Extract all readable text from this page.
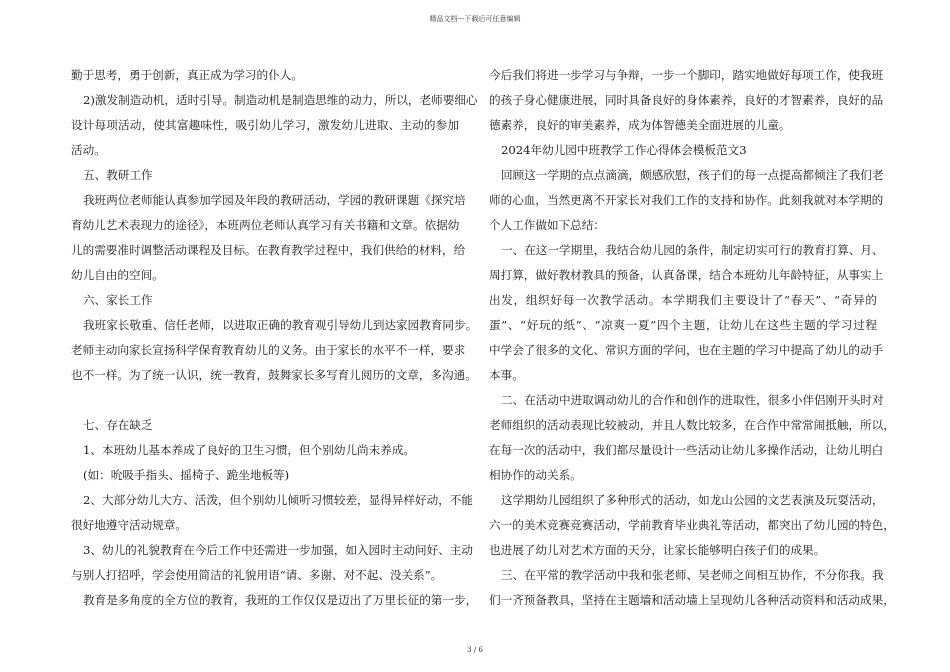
精品文档---下载后可任意编辑
勤于思考，勇于创新，真正成为学习的仆人。
2)激发制造动机，适时引导。制造动机是制造思维的动力，所以，老师要细心
设计每项活动，使其富趣味性，吸引幼儿学习，激发幼儿进取、主动的参加
活动。
五、教研工作
我班两位老师能认真参加学园及年段的教研活动，学园的教研课题《探究培
育幼儿艺术表现力的途径》，本班两位老师认真学习有关书籍和文章。依据幼
儿的需要准时调整活动课程及目标。在教育教学过程中，我们供给的材料，给
幼儿自由的空间。
六、家长工作
我班家长敬重、信任老师，以进取正确的教育观引导幼儿到达家园教育同步。
老师主动向家长宣扬科学保育教育幼儿的义务。由于家长的水平不一样，要求
也不一样。为了统一认识，统一教育，鼓舞家长多写育儿阅历的文章，多沟通。
七、存在缺乏
1、本班幼儿基本养成了良好的卫生习惯，但个别幼儿尚未养成。
(如：吮吸手指头、摇椅子、跪坐地板等)
2、大部分幼儿大方、活泼，但个别幼儿倾听习惯较差，显得异样好动，不能
很好地遵守活动规章。
3、幼儿的礼貌教育在今后工作中还需进一步加强，如入园时主动问好、主动
与别人打招呼，学会使用简洁的礼貌用语“请、多谢、对不起、没关系”。
教育是多角度的全方位的教育，我班的工作仅仅是迈出了万里长征的第一步，
今后我们将进一步学习与争辩，一步一个脚印，踏实地做好每项工作，使我班
的孩子身心健康进展，同时具备良好的身体素养，良好的才智素养，良好的品
德素养，良好的审美素养，成为体智德美全面进展的儿童。
2024年幼儿园中班教学工作心得体会模板范文3
回顾这一学期的点点滴滴，颇感欣慰，孩子们的每一点提高都倾注了我们老
师的心血，当然更离不开家长对我们工作的支持和协作。此刻我就对本学期的
个人工作做如下总结：
一、在这一学期里，我结合幼儿园的条件，制定切实可行的教育打算、月、
周打算，做好教材教具的预备，认真备课，结合本班幼儿年龄特征，从事实上
出发，组织好每一次教学活动。本学期我们主要设计了“春天”、“奇异的
蛋”、“好玩的纸”、“凉爽一夏”四个主题，让幼儿在这些主题的学习过程
中学会了很多的文化、常识方面的学问，也在主题的学习中提高了幼儿的动手
本事。
二、在活动中进取调动幼儿的合作和创作的进取性，很多小伴侣刚开头时对
老师组织的活动表现比较被动，并且人数比较多，在合作中常常闹抵触，所以，
在每一次的活动中，我们都尽量设计一些活动让幼儿多操作活动，让幼儿明白
相协作的动关系。
这学期幼儿园组织了多种形式的活动，如龙山公园的文艺表演及玩耍活动，
六一的美术竞赛竞赛活动，学前教育毕业典礼等活动，都突出了幼儿园的特色，
也进展了幼儿对艺术方面的天分，让家长能够明白孩子们的成果。
三、在平常的教学活动中我和张老师、吴老师之间相互协作，不分你我。我
们一齐预备教具，坚持在主题墙和活动墙上呈现幼儿各种活动资料和活动成果，
3 / 6
